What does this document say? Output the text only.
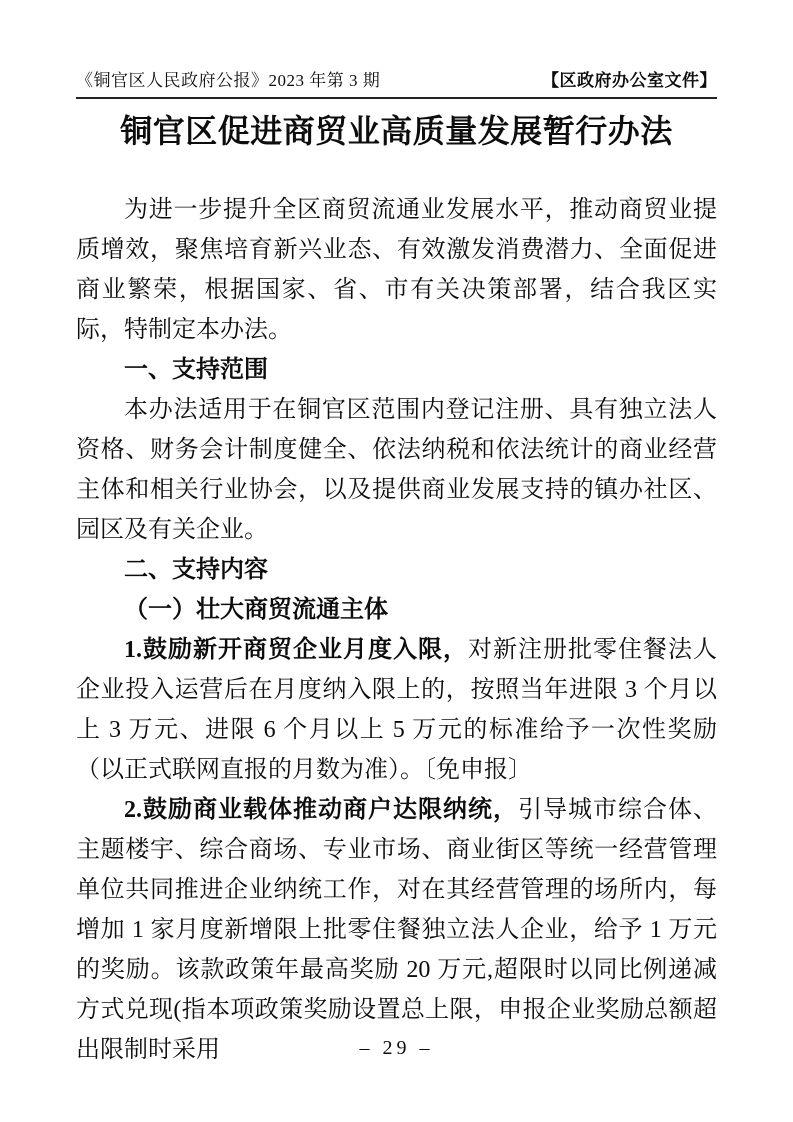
《铜官区人民政府公报》2023 年第 3 期	【区政府办公室文件】
铜官区促进商贸业高质量发展暂行办法

为进一步提升全区商贸流通业发展水平，推动商贸业提质增效，聚焦培育新兴业态、有效激发消费潜力、全面促进商业繁荣，根据国家、省、市有关决策部署，结合我区实际，特制定本办法。

一、支持范围

本办法适用于在铜官区范围内登记注册、具有独立法人资格、财务会计制度健全、依法纳税和依法统计的商业经营主体和相关行业协会，以及提供商业发展支持的镇办社区、园区及有关企业。

二、支持内容

（一）壮大商贸流通主体

1.鼓励新开商贸企业月度入限，对新注册批零住餐法人企业投入运营后在月度纳入限上的，按照当年进限 3 个月以上 3 万元、进限 6 个月以上 5 万元的标准给予一次性奖励（以正式联网直报的月数为准）。〔免申报〕

2.鼓励商业载体推动商户达限纳统，引导城市综合体、主题楼宇、综合商场、专业市场、商业街区等统一经营管理单位共同推进企业纳统工作，对在其经营管理的场所内，每增加 1 家月度新增限上批零住餐独立法人企业，给予 1 万元的奖励。该款政策年最高奖励 20 万元,超限时以同比例递减方式兑现(指本项政策奖励设置总上限，申报企业奖励总额超出限制时采用	– 29 –
